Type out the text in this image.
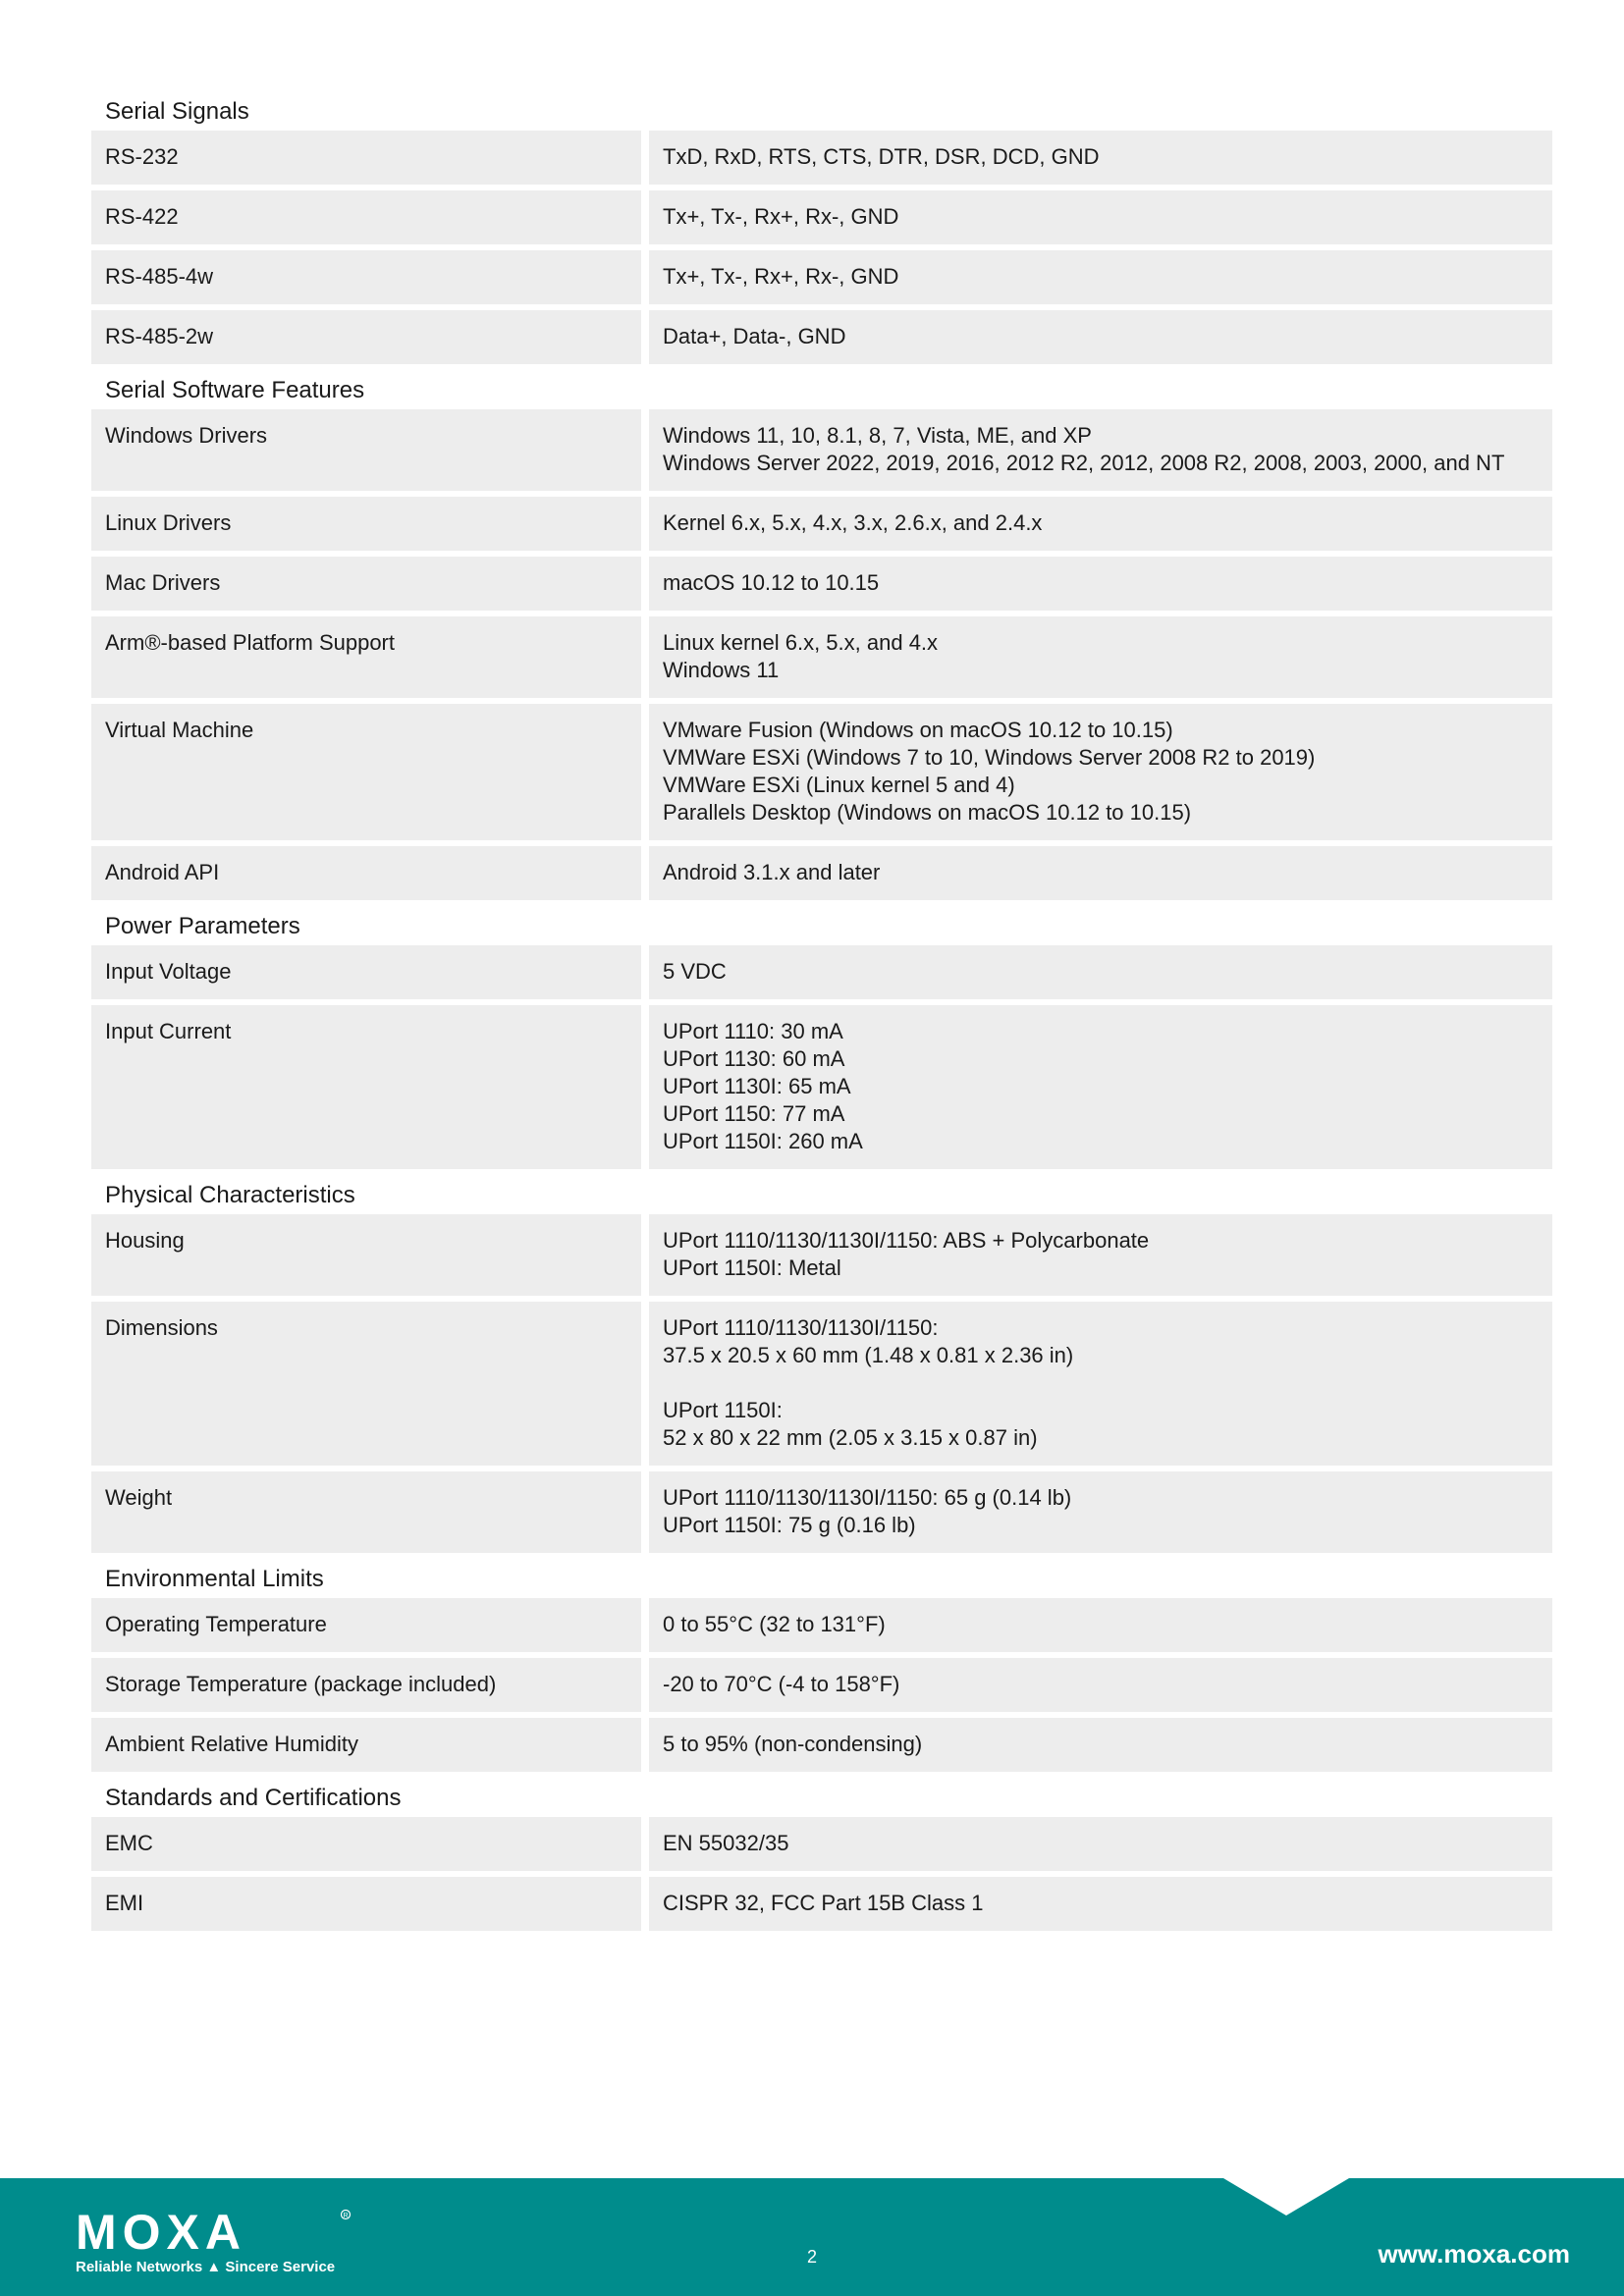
Serial Signals
RS-232	TxD, RxD, RTS, CTS, DTR, DSR, DCD, GND
RS-422	Tx+, Tx-, Rx+, Rx-, GND
RS-485-4w	Tx+, Tx-, Rx+, Rx-, GND
RS-485-2w	Data+, Data-, GND
Serial Software Features
Windows Drivers	Windows 11, 10, 8.1, 8, 7, Vista, ME, and XP
Windows Server 2022, 2019, 2016, 2012 R2, 2012, 2008 R2, 2008, 2003, 2000, and NT
Linux Drivers	Kernel 6.x, 5.x, 4.x, 3.x, 2.6.x, and 2.4.x
Mac Drivers	macOS 10.12 to 10.15
Arm®-based Platform Support	Linux kernel 6.x, 5.x, and 4.x
Windows 11
Virtual Machine	VMware Fusion (Windows on macOS 10.12 to 10.15)
VMWare ESXi (Windows 7 to 10, Windows Server 2008 R2 to 2019)
VMWare ESXi (Linux kernel 5 and 4)
Parallels Desktop (Windows on macOS 10.12 to 10.15)
Android API	Android 3.1.x and later
Power Parameters
Input Voltage	5 VDC
Input Current	UPort 1110: 30 mA
UPort 1130: 60 mA
UPort 1130I: 65 mA
UPort 1150: 77 mA
UPort 1150I: 260 mA
Physical Characteristics
Housing	UPort 1110/1130/1130I/1150: ABS + Polycarbonate
UPort 1150I: Metal
Dimensions	UPort 1110/1130/1130I/1150:
37.5 x 20.5 x 60 mm (1.48 x 0.81 x 2.36 in)
UPort 1150I:
52 x 80 x 22 mm (2.05 x 3.15 x 0.87 in)
Weight	UPort 1110/1130/1130I/1150: 65 g (0.14 lb)
UPort 1150I: 75 g (0.16 lb)
Environmental Limits
Operating Temperature	0 to 55°C (32 to 131°F)
Storage Temperature (package included)	-20 to 70°C (-4 to 158°F)
Ambient Relative Humidity	5 to 95% (non-condensing)
Standards and Certifications
EMC	EN 55032/35
EMI	CISPR 32, FCC Part 15B Class 1
MOXA	R
Reliable Networks ▲ Sincere Service
2	www.moxa.com
